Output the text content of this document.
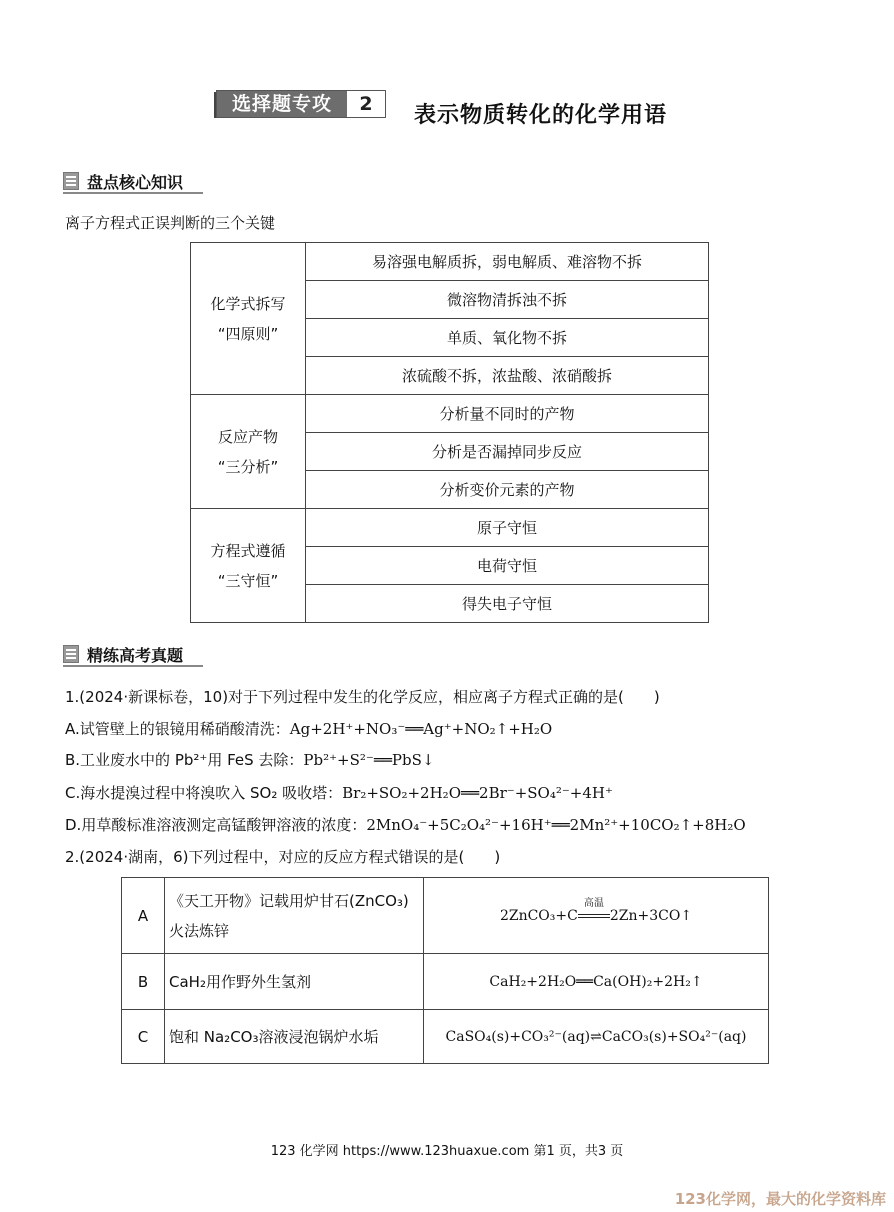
选择题专攻	2	表示物质转化的化学用语
盘点核心知识
离子方程式正误判断的三个关键
化学式拆写
“四原则”	易溶强电解质拆，弱电解质、难溶物不拆
	微溶物清拆浊不拆
	单质、氧化物不拆
	浓硫酸不拆，浓盐酸、浓硝酸拆

反应产物
“三分析”	分析量不同时的产物
	分析是否漏掉同步反应
	分析变价元素的产物

方程式遵循
“三守恒”	原子守恒
	电荷守恒
	得失电子守恒
精练高考真题
1.(2024·新课标卷，10)对于下列过程中发生的化学反应，相应离子方程式正确的是(　　)
A.试管壁上的银镜用稀硝酸清洗：Ag+2H⁺+NO₃⁻══Ag⁺+NO₂↑+H₂O
B.工业废水中的 Pb²⁺用 FeS 去除：Pb²⁺+S²⁻══PbS↓
C.海水提溴过程中将溴吹入 SO₂ 吸收塔：Br₂+SO₂+2H₂O══2Br⁻+SO₄²⁻+4H⁺
D.用草酸标准溶液测定高锰酸钾溶液的浓度：2MnO₄⁻+5C₂O₄²⁻+16H⁺══2Mn²⁺+10CO₂↑+8H₂O
2.(2024·湖南，6)下列过程中，对应的反应方程式错误的是(　　)
A	《天工开物》记载用炉甘石(ZnCO₃)火法炼锌	2ZnCO₃+C
高温
2Zn+3CO↑
B	CaH₂用作野外生氢剂	CaH₂+2H₂O══Ca(OH)₂+2H₂↑
C	饱和 Na₂CO₃溶液浸泡锅炉水垢	CaSO₄(s)+CO₃²⁻(aq)⇌CaCO₃(s)+SO₄²⁻(aq)
123 化学网 https://www.123huaxue.com 第1 页，共3 页
123化学网，最大的化学资料库
